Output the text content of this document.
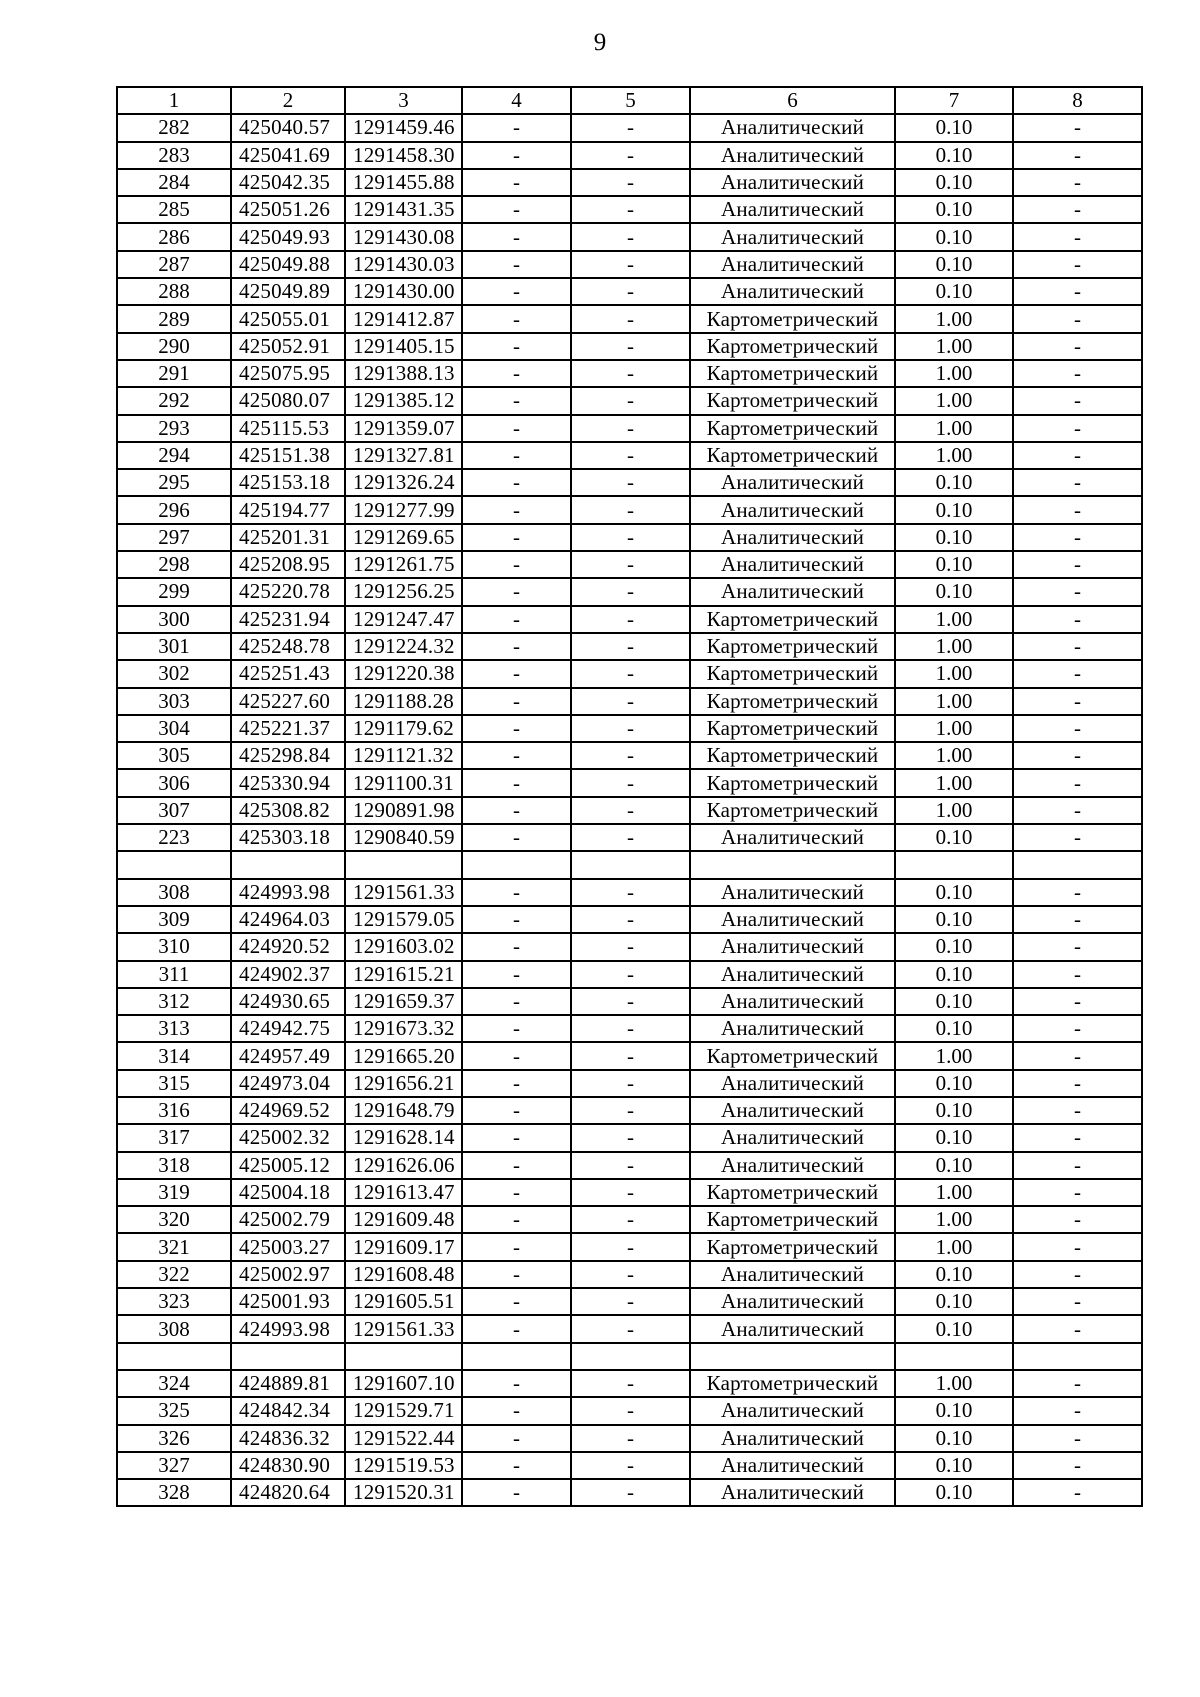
9
1	2	3	4	5	6	7	8
282	425040.57	1291459.46	-	-	Аналитический	0.10	-
283	425041.69	1291458.30	-	-	Аналитический	0.10	-
284	425042.35	1291455.88	-	-	Аналитический	0.10	-
285	425051.26	1291431.35	-	-	Аналитический	0.10	-
286	425049.93	1291430.08	-	-	Аналитический	0.10	-
287	425049.88	1291430.03	-	-	Аналитический	0.10	-
288	425049.89	1291430.00	-	-	Аналитический	0.10	-
289	425055.01	1291412.87	-	-	Картометрический	1.00	-
290	425052.91	1291405.15	-	-	Картометрический	1.00	-
291	425075.95	1291388.13	-	-	Картометрический	1.00	-
292	425080.07	1291385.12	-	-	Картометрический	1.00	-
293	425115.53	1291359.07	-	-	Картометрический	1.00	-
294	425151.38	1291327.81	-	-	Картометрический	1.00	-
295	425153.18	1291326.24	-	-	Аналитический	0.10	-
296	425194.77	1291277.99	-	-	Аналитический	0.10	-
297	425201.31	1291269.65	-	-	Аналитический	0.10	-
298	425208.95	1291261.75	-	-	Аналитический	0.10	-
299	425220.78	1291256.25	-	-	Аналитический	0.10	-
300	425231.94	1291247.47	-	-	Картометрический	1.00	-
301	425248.78	1291224.32	-	-	Картометрический	1.00	-
302	425251.43	1291220.38	-	-	Картометрический	1.00	-
303	425227.60	1291188.28	-	-	Картометрический	1.00	-
304	425221.37	1291179.62	-	-	Картометрический	1.00	-
305	425298.84	1291121.32	-	-	Картометрический	1.00	-
306	425330.94	1291100.31	-	-	Картометрический	1.00	-
307	425308.82	1290891.98	-	-	Картометрический	1.00	-
223	425303.18	1290840.59	-	-	Аналитический	0.10	-

308	424993.98	1291561.33	-	-	Аналитический	0.10	-
309	424964.03	1291579.05	-	-	Аналитический	0.10	-
310	424920.52	1291603.02	-	-	Аналитический	0.10	-
311	424902.37	1291615.21	-	-	Аналитический	0.10	-
312	424930.65	1291659.37	-	-	Аналитический	0.10	-
313	424942.75	1291673.32	-	-	Аналитический	0.10	-
314	424957.49	1291665.20	-	-	Картометрический	1.00	-
315	424973.04	1291656.21	-	-	Аналитический	0.10	-
316	424969.52	1291648.79	-	-	Аналитический	0.10	-
317	425002.32	1291628.14	-	-	Аналитический	0.10	-
318	425005.12	1291626.06	-	-	Аналитический	0.10	-
319	425004.18	1291613.47	-	-	Картометрический	1.00	-
320	425002.79	1291609.48	-	-	Картометрический	1.00	-
321	425003.27	1291609.17	-	-	Картометрический	1.00	-
322	425002.97	1291608.48	-	-	Аналитический	0.10	-
323	425001.93	1291605.51	-	-	Аналитический	0.10	-
308	424993.98	1291561.33	-	-	Аналитический	0.10	-

324	424889.81	1291607.10	-	-	Картометрический	1.00	-
325	424842.34	1291529.71	-	-	Аналитический	0.10	-
326	424836.32	1291522.44	-	-	Аналитический	0.10	-
327	424830.90	1291519.53	-	-	Аналитический	0.10	-
328	424820.64	1291520.31	-	-	Аналитический	0.10	-
